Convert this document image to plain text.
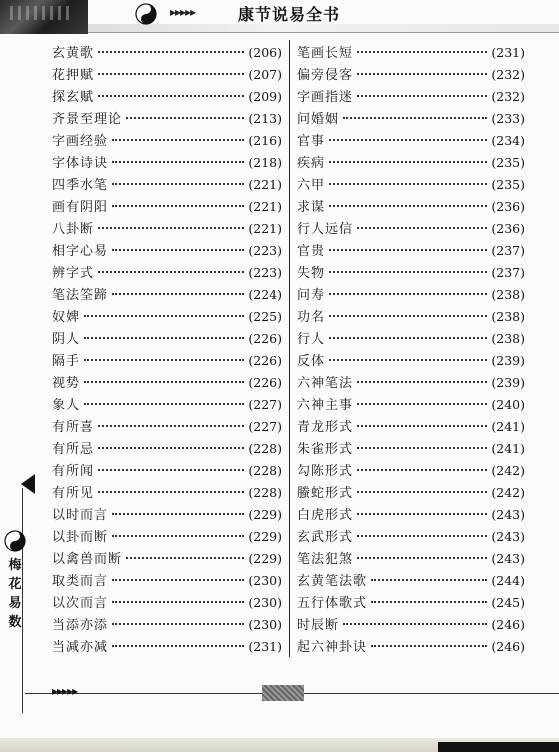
▸▸▸▸▸	康节说易全书
玄黄歌	(206)
花押赋	(207)
探玄赋	(209)
齐景至理论	(213)
字画经验	(216)
字体诗诀	(218)
四季水笔	(221)
画有阴阳	(221)
八卦断	(221)
相字心易	(223)
辨字式	(223)
笔法筌蹄	(224)
奴婢	(225)
阴人	(226)
隔手	(226)
视势	(226)
象人	(227)
有所喜	(227)
有所忌	(228)
有所闻	(228)
有所见	(228)
以时而言	(229)
以卦而断	(229)
以禽兽而断	(229)
取类而言	(230)
以次而言	(230)
当添亦添	(230)
当减亦减	(231)
笔画长短	(231)
偏旁侵客	(232)
字画指迷	(232)
问婚姻	(233)
官事	(234)
疾病	(235)
六甲	(235)
求谋	(236)
行人远信	(236)
官贵	(237)
失物	(237)
问寿	(238)
功名	(238)
行人	(238)
反体	(239)
六神笔法	(239)
六神主事	(240)
青龙形式	(241)
朱雀形式	(241)
勾陈形式	(242)
螣蛇形式	(242)
白虎形式	(243)
玄武形式	(243)
笔法犯煞	(243)
玄黄笔法歌	(244)
五行体歌式	(245)
时辰断	(246)
起六神卦诀	(246)
梅
花
易
数
▸▸▸▸▸
